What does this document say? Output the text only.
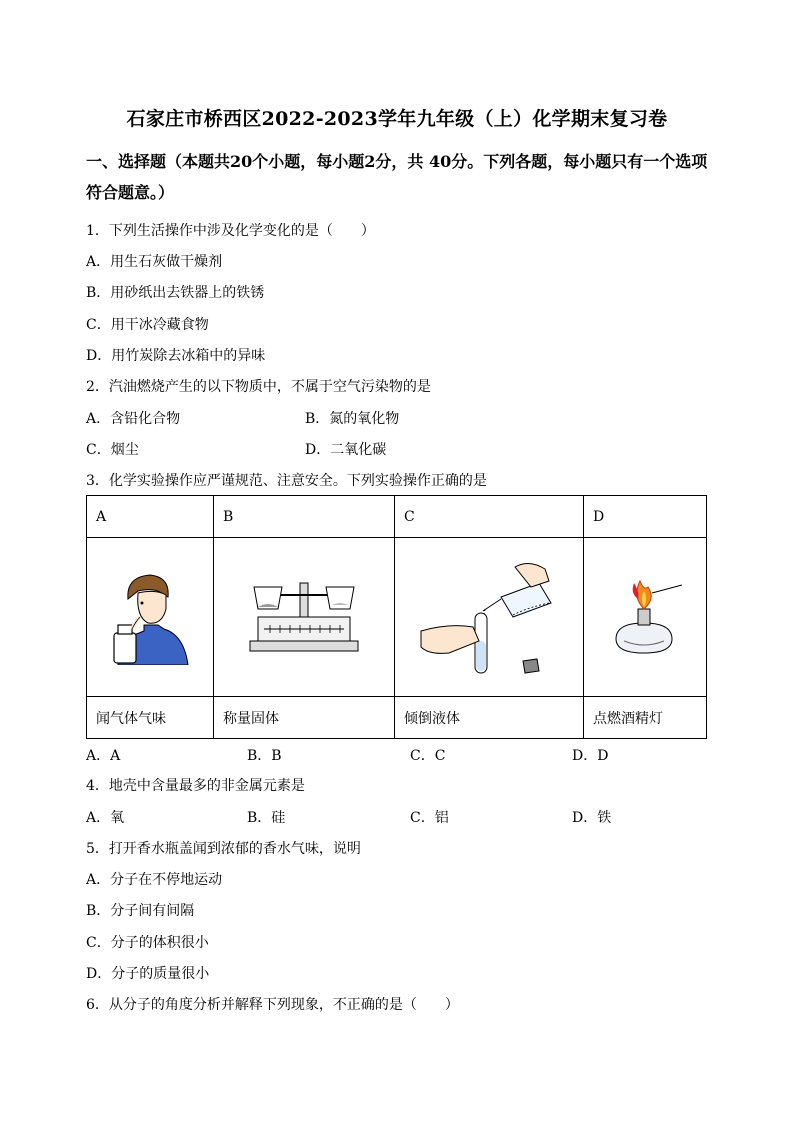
石家庄市桥西区2022-2023学年九年级（上）化学期末复习卷
一、选择题（本题共20个小题，每小题2分，共 40分。下列各题，每小题只有一个选项符合题意。）
1．下列生活操作中涉及化学变化的是（　　）
A．用生石灰做干燥剂
B．用砂纸出去铁器上的铁锈
C．用干冰冷藏食物
D．用竹炭除去冰箱中的异味
2．汽油燃烧产生的以下物质中，不属于空气污染物的是
A．含铅化合物	B．氮的氧化物
C．烟尘	D．二氧化碳
3．化学实验操作应严谨规范、注意安全。下列实验操作正确的是
A	B	C	D

闻气体气味	称量固体	倾倒液体	点燃酒精灯
A．A	B．B	C．C	D．D
4．地壳中含量最多的非金属元素是
A．氧	B．硅	C．铝	D．铁
5．打开香水瓶盖闻到浓郁的香水气味，说明
A．分子在不停地运动
B．分子间有间隔
C．分子的体积很小
D．分子的质量很小
6．从分子的角度分析并解释下列现象，不正确的是（　　）
